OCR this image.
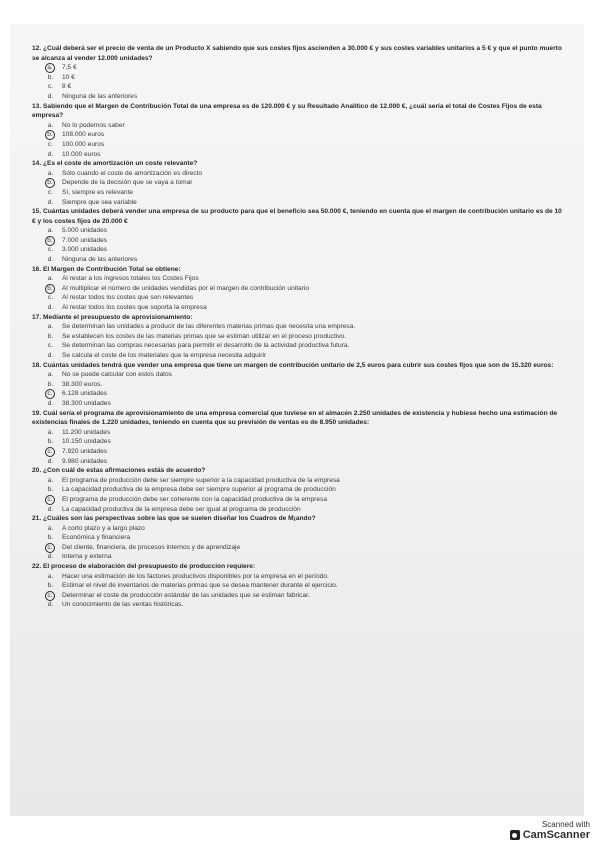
12. ¿Cuál deberá ser el precio de venta de un Producto X sabiendo que sus costes fijos ascienden a 30.000 € y sus costes variables unitarios a 5 € y que el punto muerto se alcanza al vender 12.000 unidades?

a.	7,5 €
b. 10 €
c. 8 €
d. Ninguna de las anteriores

13. Sabiendo que el Margen de Contribución Total de una empresa es de 120.000 € y su Resultado Analítico de 12.000 €, ¿cuál sería el total de Costes Fijos de esta empresa?

a. No lo podemos saber
b.	108.000 euros
c. 100.000 euros
d. 10.000 euros

14. ¿Es el coste de amortización un coste relevante?

a. Sólo cuando el coste de amortización es directo
b.	Depende de la decisión que se vaya a tomar
c. Sí, siempre es relevante
d. Siempre que sea variable

15. Cuántas unidades deberá vender una empresa de su producto para que el beneficio sea 50.000 €, teniendo en cuenta que el margen de contribución unitario es de 10 € y los costes fijos de 20.000 €

a. 5.000 unidades
b.	7.000 unidades
c. 3.000 unidades
d. Ninguna de las anteriores

16. El Margen de Contribución Total se obtiene:

a. Al restar a los ingresos totales los Costes Fijos
b.	Al multiplicar el número de unidades vendidas por el margen de contribución unitario
c. Al restar todos los costes que son relevantes
d. Al restar todos los costes que soporta la empresa

17. Mediante el presupuesto de aprovisionamiento:

a. Se determinan las unidades a producir de las diferentes materias primas que necesita una empresa.
b. Se establecen los costes de las materias primas que se estiman utilizar en el proceso productivo.
c. Se determinan las compras necesarias para permitir el desarrollo de la actividad productiva futura.
d. Se calcula el coste de los materiales que la empresa necesita adquirir

18. Cuántas unidades tendrá que vender una empresa que tiene un margen de contribución unitario de 2,5 euros para cubrir sus costes fijos que son de 15.320 euros:

a. No se puede calcular con estos datos
b. 38.300 euros.
c.	6.128 unidades
d. 38.300 unidades

19. Cuál sería el programa de aprovisionamiento de una empresa comercial que tuviese en el almacén 2.250 unidades de existencia y hubiese hecho una estimación de existencias finales de 1.220 unidades, teniendo en cuenta que su previsión de ventas es de 8.950 unidades:

a. 11.200 unidades
b. 10.150 unidades
c.	7.920 unidades
d. 9.980 unidades

20. ¿Con cuál de estas afirmaciones estás de acuerdo?

a. El programa de producción debe ser siempre superior a la capacidad productiva de la empresa
b. La capacidad productiva de la empresa debe ser siempre superior al programa de producción
c.	El programa de producción debe ser coherente con la capacidad productiva de la empresa
d. La capacidad productiva de la empresa debe ser igual al programa de producción

21. ¿Cuáles son las perspectivas sobre las que se suelen diseñar los Cuadros de M¡ando?

a. A corto plazo y a largo plazo
b. Económica y financiera
c.	Del cliente, financiera, de procesos internos y de aprendizaje
d. Interna y externa

22. El proceso de elaboración del presupuesto de producción requiere:

a. Hacer una estimación de los factores productivos disponibles por la empresa en el período.
b. Estimar el nivel de inventarios de materias primas que se desea mantener durante el ejercicio.
c.	Determinar el coste de producción estándar de las unidades que se estiman fabricar.
d. Un conocimiento de las ventas históricas.
Scanned with
CamScanner
